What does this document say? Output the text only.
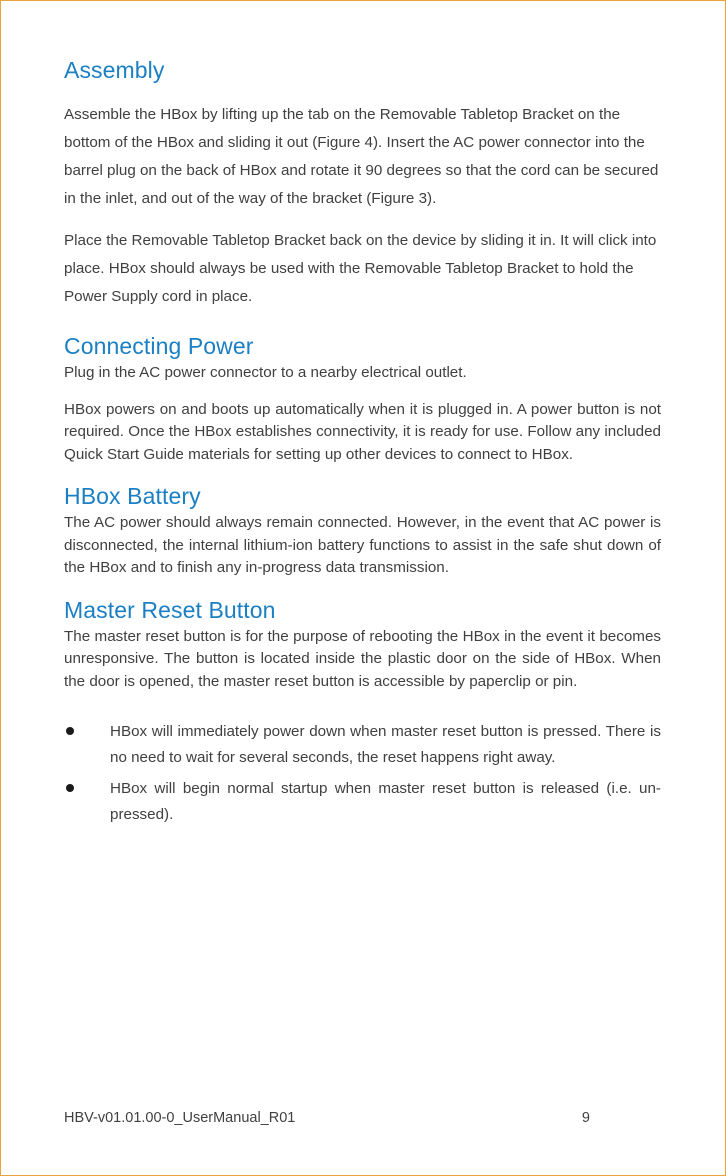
Assembly

Assemble the HBox by lifting up the tab on the Removable Tabletop Bracket on the bottom of the HBox and sliding it out (Figure 4). Insert the AC power connector into the barrel plug on the back of HBox and rotate it 90 degrees so that the cord can be secured in the inlet, and out of the way of the bracket (Figure 3).

Place the Removable Tabletop Bracket back on the device by sliding it in. It will click into place. HBox should always be used with the Removable Tabletop Bracket to hold the Power Supply cord in place.

Connecting Power

Plug in the AC power connector to a nearby electrical outlet.

HBox powers on and boots up automatically when it is plugged in. A power button is not required. Once the HBox establishes connectivity, it is ready for use. Follow any included Quick Start Guide materials for setting up other devices to connect to HBox.

HBox Battery

The AC power should always remain connected. However, in the event that AC power is disconnected, the internal lithium-ion battery functions to assist in the safe shut down of the HBox and to finish any in-progress data transmission.

Master Reset Button

The master reset button is for the purpose of rebooting the HBox in the event it becomes unresponsive. The button is located inside the plastic door on the side of HBox. When the door is opened, the master reset button is accessible by paperclip or pin.

HBox will immediately power down when master reset button is pressed. There is no need to wait for several seconds, the reset happens right away.
HBox will begin normal startup when master reset button is released (i.e. un-pressed).
HBV-v01.01.00-0_UserManual_R01	9
